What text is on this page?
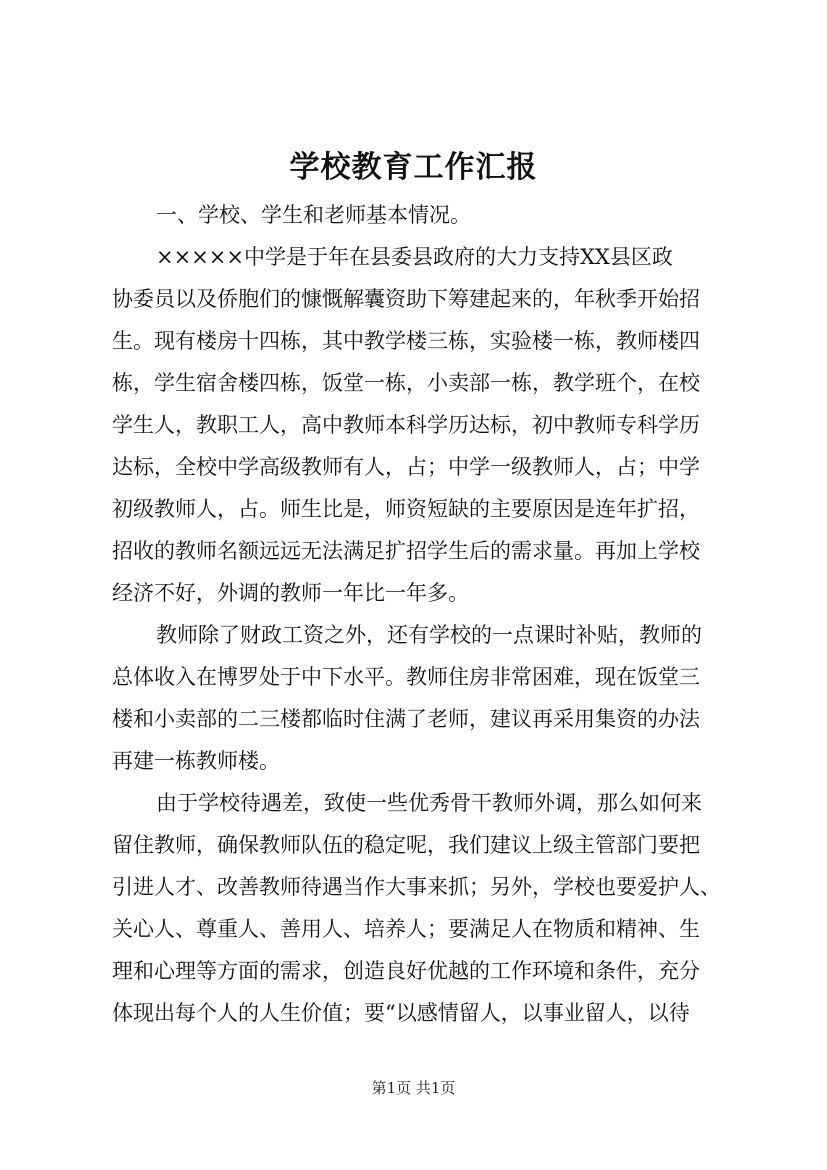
学校教育工作汇报
一、学校、学生和老师基本情况。
×××××中学是于年在县委县政府的大力支持XX县区政
协委员以及侨胞们的慷慨解囊资助下筹建起来的，年秋季开始招
生。现有楼房十四栋，其中教学楼三栋，实验楼一栋，教师楼四
栋，学生宿舍楼四栋，饭堂一栋，小卖部一栋，教学班个，在校
学生人，教职工人，高中教师本科学历达标，初中教师专科学历
达标，全校中学高级教师有人，占；中学一级教师人，占；中学
初级教师人，占。师生比是，师资短缺的主要原因是连年扩招，
招收的教师名额远远无法满足扩招学生后的需求量。再加上学校
经济不好，外调的教师一年比一年多。
教师除了财政工资之外，还有学校的一点课时补贴，教师的
总体收入在博罗处于中下水平。教师住房非常困难，现在饭堂三
楼和小卖部的二三楼都临时住满了老师，建议再采用集资的办法
再建一栋教师楼。
由于学校待遇差，致使一些优秀骨干教师外调，那么如何来
留住教师，确保教师队伍的稳定呢，我们建议上级主管部门要把
引进人才、改善教师待遇当作大事来抓；另外，学校也要爱护人、
关心人、尊重人、善用人、培养人；要满足人在物质和精神、生
理和心理等方面的需求，创造良好优越的工作环境和条件，充分
体现出每个人的人生价值；要“以感情留人，以事业留人，以待
第1页 共1页
